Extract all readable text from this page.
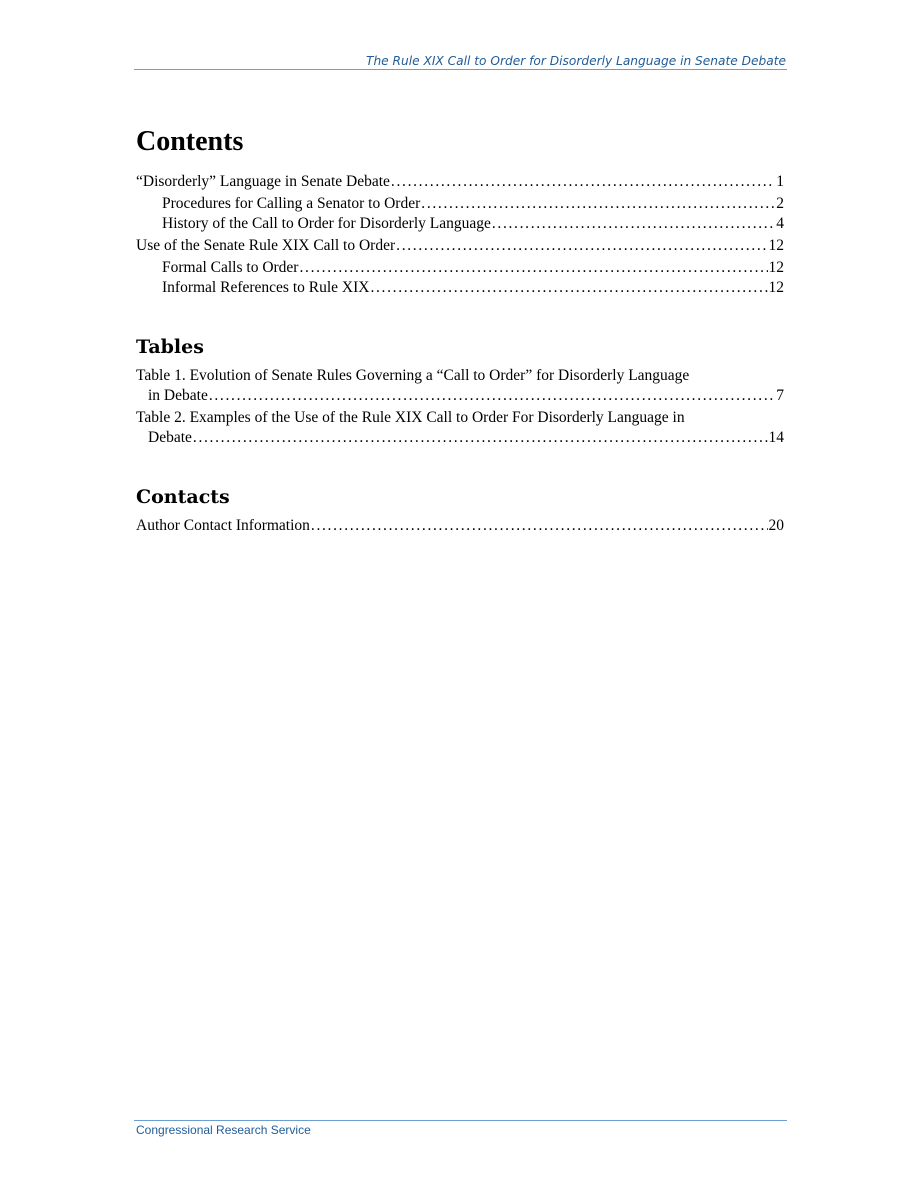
The Rule XIX Call to Order for Disorderly Language in Senate Debate
Contents
“Disorderly” Language in Senate Debate . . .	1
Procedures for Calling a Senator to Order . . .	2
History of the Call to Order for Disorderly Language . . .	4
Use of the Senate Rule XIX Call to Order . . .	12
Formal Calls to Order . . .	12
Informal References to Rule XIX . . .	12
Tables
Table 1. Evolution of Senate Rules Governing a “Call to Order” for Disorderly Language
in Debate . . .	7
Table 2. Examples of the Use of the Rule XIX Call to Order For Disorderly Language in
Debate . . .	14
Contacts
Author Contact Information . . .	20
Congressional Research Service
